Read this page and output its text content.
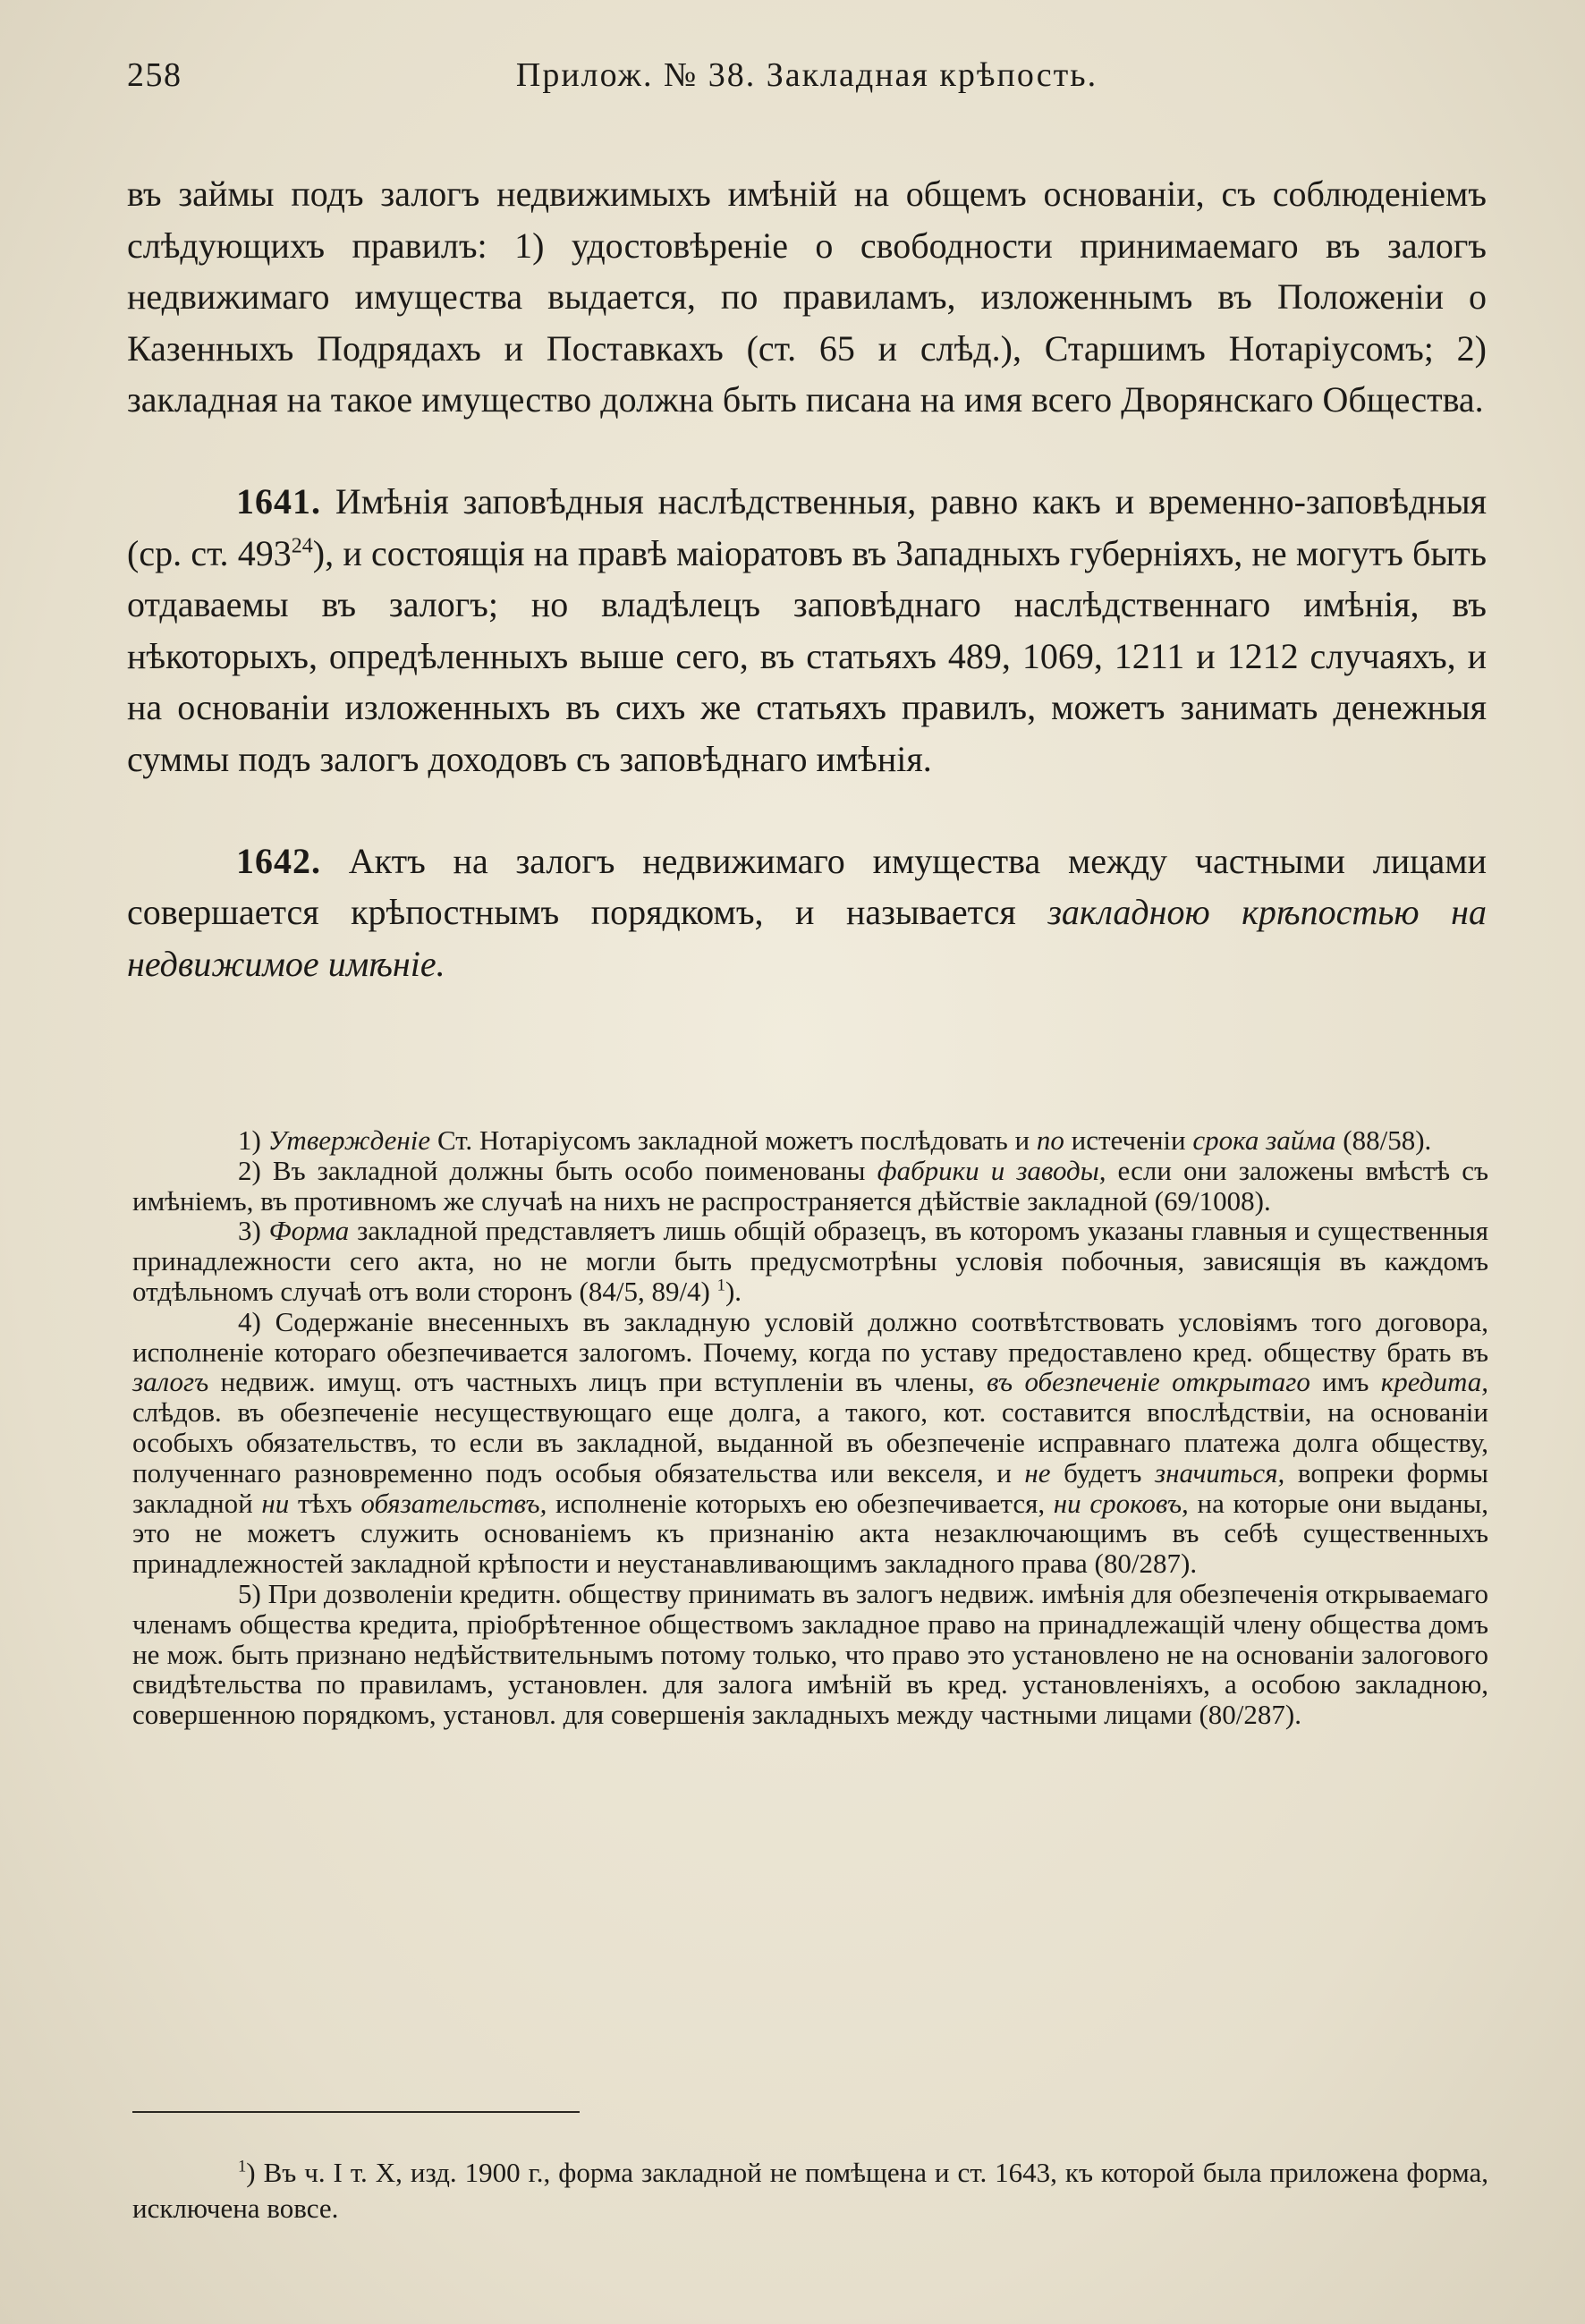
258	Прилож. № 38. Закладная крѣпость.

въ займы подъ залогъ недвижимыхъ имѣній на общемъ основаніи, съ соблюденіемъ слѣдующихъ правилъ: 1) удостовѣреніе о свободности принимаемаго въ залогъ недвижимаго имущества выдается, по правиламъ, изложеннымъ въ Положеніи о Казенныхъ Подрядахъ и Поставкахъ (ст. 65 и слѣд.), Старшимъ Нотаріусомъ; 2) закладная на такое имущество должна быть писана на имя всего Дворянскаго Общества.

1641. Имѣнія заповѣдныя наслѣдственныя, равно какъ и временно-заповѣдныя (ср. ст. $493^{24}$), и состоящія на правѣ маіоратовъ въ Западныхъ губерніяхъ, не могутъ быть отдаваемы въ залогъ; но владѣлецъ заповѣднаго наслѣдственнаго имѣнія, въ нѣкоторыхъ, опредѣленныхъ выше сего, въ статьяхъ 489, 1069, 1211 и 1212 случаяхъ, и на основаніи изложенныхъ въ сихъ же статьяхъ правилъ, можетъ занимать денежныя суммы подъ залогъ доходовъ съ заповѣднаго имѣнія.

1642. Актъ на залогъ недвижимаго имущества между частными лицами совершается крѣпостнымъ порядкомъ, и называется закладною крѣпостью на недвижимое имѣніе.

1) Утвержденіе Ст. Нотаріусомъ закладной можетъ послѣдовать и по истеченіи срока займа (88/58).

2) Въ закладной должны быть особо поименованы фабрики и заводы, если они заложены вмѣстѣ съ имѣніемъ, въ противномъ же случаѣ на нихъ не распространяется дѣйствіе закладной (69/1008).

3) Форма закладной представляетъ лишь общій образецъ, въ которомъ указаны главныя и существенныя принадлежности сего акта, но не могли быть предусмотрѣны условія побочныя, зависящія въ каждомъ отдѣльномъ случаѣ отъ воли сторонъ (84/5, 89/4) $^1$).

4) Содержаніе внесенныхъ въ закладную условій должно соотвѣтствовать условіямъ того договора, исполненіе котораго обезпечивается залогомъ. Почему, когда по уставу предоставлено кред. обществу брать въ залогъ недвиж. имущ. отъ частныхъ лицъ при вступленіи въ члены, въ обезпеченіе открытаго имъ кредита, слѣдов. въ обезпеченіе несуществующаго еще долга, а такого, кот. составится впослѣдствіи, на основаніи особыхъ обязательствъ, то если въ закладной, выданной въ обезпеченіе исправнаго платежа долга обществу, полученнаго разновременно подъ особыя обязательства или векселя, и не будетъ значиться, вопреки формы закладной ни тѣхъ обязательствъ, исполненіе которыхъ ею обезпечивается, ни сроковъ, на которые они выданы, это не можетъ служить основаніемъ къ признанію акта незаключающимъ въ себѣ существенныхъ принадлежностей закладной крѣпости и неустанавливающимъ закладного права (80/287).

5) При дозволеніи кредитн. обществу принимать въ залогъ недвиж. имѣнія для обезпеченія открываемаго членамъ общества кредита, пріобрѣтенное обществомъ закладное право на принадлежащій члену общества домъ не мож. быть признано недѣйствительнымъ потому только, что право это установлено не на основаніи залогового свидѣтельства по правиламъ, установлен. для залога имѣній въ кред. установленіяхъ, а особою закладною, совершенною порядкомъ, установл. для совершенія закладныхъ между частными лицами (80/287).

$^1$) Въ ч. I т. X, изд. 1900 г., форма закладной не помѣщена и ст. 1643, къ которой была приложена форма, исключена вовсе.
